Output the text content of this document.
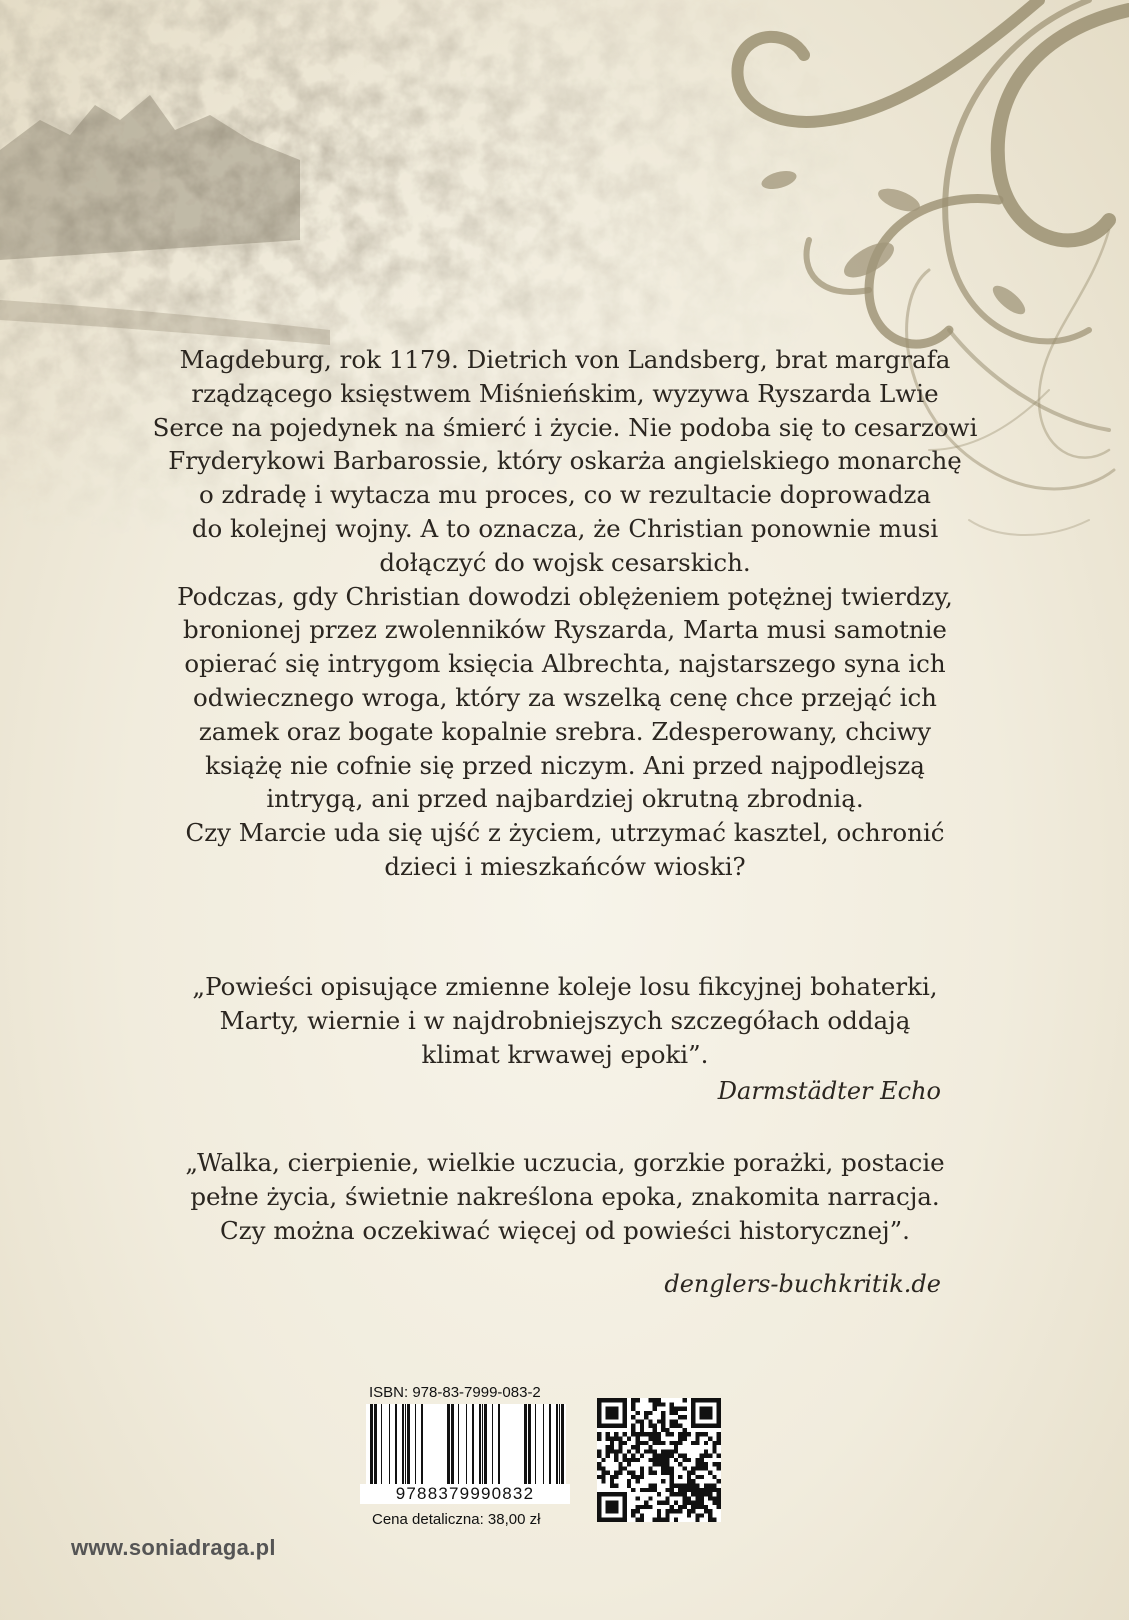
Magdeburg, rok 1179. Dietrich von Landsberg, brat margrafa
rządzącego księstwem Miśnieńskim, wyzywa Ryszarda Lwie
Serce na pojedynek na śmierć i życie. Nie podoba się to cesarzowi
Fryderykowi Barbarossie, który oskarża angielskiego monarchę
o zdradę i wytacza mu proces, co w rezultacie doprowadza
do kolejnej wojny. A to oznacza, że Christian ponownie musi
dołączyć do wojsk cesarskich.
Podczas, gdy Christian dowodzi oblężeniem potężnej twierdzy,
bronionej przez zwolenników Ryszarda, Marta musi samotnie
opierać się intrygom księcia Albrechta, najstarszego syna ich
odwiecznego wroga, który za wszelką cenę chce przejąć ich
zamek oraz bogate kopalnie srebra. Zdesperowany, chciwy
książę nie cofnie się przed niczym. Ani przed najpodlejszą
intrygą, ani przed najbardziej okrutną zbrodnią.
Czy Marcie uda się ujść z życiem, utrzymać kasztel, ochronić
dzieci i mieszkańców wioski?
„Powieści opisujące zmienne koleje losu fikcyjnej bohaterki,
Marty, wiernie i w najdrobniejszych szczegółach oddają
klimat krwawej epoki”.
Darmstädter Echo
„Walka, cierpienie, wielkie uczucia, gorzkie porażki, postacie
pełne życia, świetnie nakreślona epoka, znakomita narracja.
Czy można oczekiwać więcej od powieści historycznej”.
denglers-buchkritik.de
ISBN: 978-83-7999-083-2
9788379990832
Cena detaliczna: 38,00 zł
www.soniadraga.pl
